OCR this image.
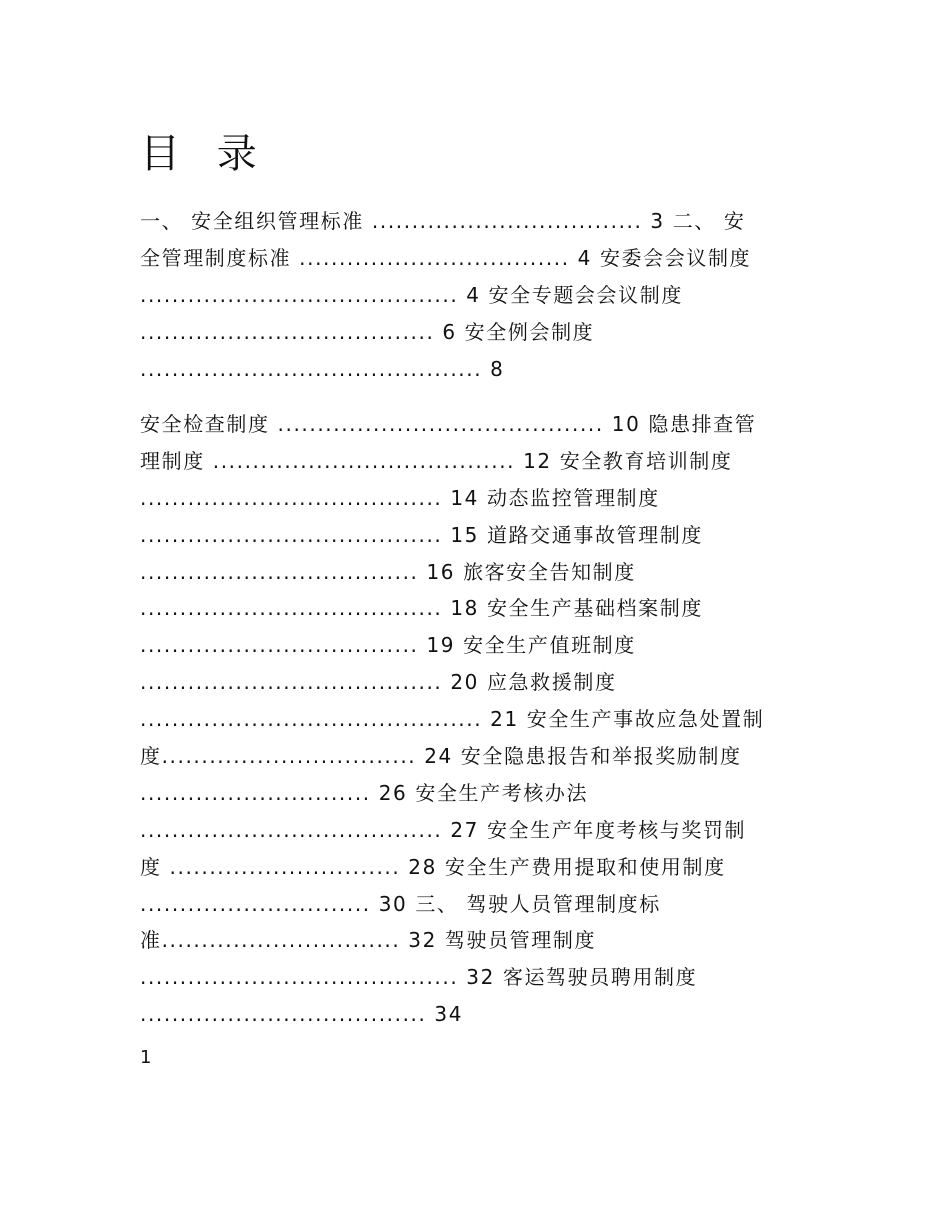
目 录
一、 安全组织管理标准 .................................. 3 二、 安
全管理制度标准 .................................. 4 安委会会议制度
........................................ 4 安全专题会会议制度
..................................... 6 安全例会制度
........................................... 8
安全检查制度 ......................................... 10 隐患排查管
理制度 ...................................... 12 安全教育培训制度
...................................... 14 动态监控管理制度
...................................... 15 道路交通事故管理制度
................................... 16 旅客安全告知制度
...................................... 18 安全生产基础档案制度
................................... 19 安全生产值班制度
...................................... 20 应急救援制度
........................................... 21 安全生产事故应急处置制
度................................ 24 安全隐患报告和举报奖励制度
............................. 26 安全生产考核办法
...................................... 27 安全生产年度考核与奖罚制
度 ............................. 28 安全生产费用提取和使用制度
............................. 30 三、 驾驶人员管理制度标
准.............................. 32 驾驶员管理制度
........................................ 32 客运驾驶员聘用制度
.................................... 34
1
